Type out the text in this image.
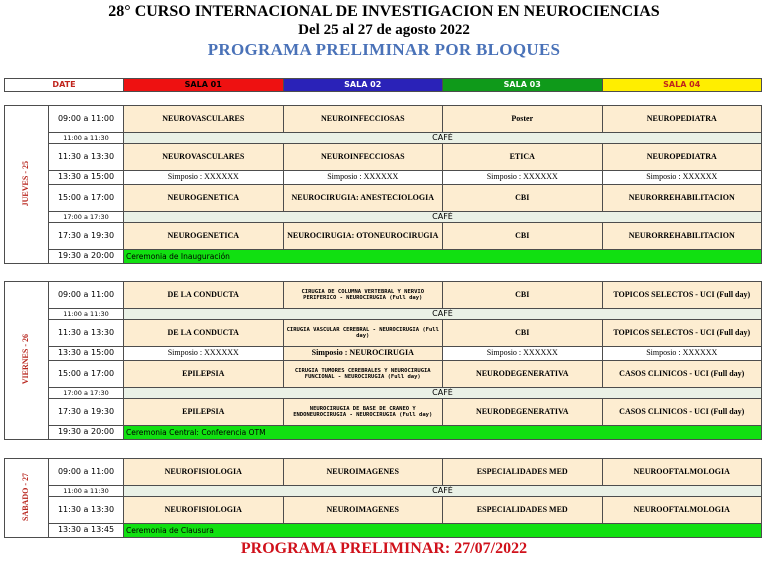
28° CURSO INTERNACIONAL DE INVESTIGACION EN NEUROCIENCIAS
Del 25 al 27 de agosto 2022
PROGRAMA PRELIMINAR POR BLOQUES
DATE	SALA 01	SALA 02	SALA 03	SALA 04
JUEVES - 25	09:00 a 11:00	NEUROVASCULARES	NEUROINFECCIOSAS	Poster	NEUROPEDIATRA
	11:00 a 11:30	CAFÉ			
	11:30 a 13:30	NEUROVASCULARES	NEUROINFECCIOSAS	ETICA	NEUROPEDIATRA
	13:30 a 15:00	Simposio : XXXXXX	Simposio : XXXXXX	Simposio : XXXXXX	Simposio : XXXXXX
	15:00 a 17:00	NEUROGENETICA	NEUROCIRUGIA: ANESTECIOLOGIA	CBI	NEURORREHABILITACION
	17:00 a 17:30	CAFÉ			
	17:30 a 19:30	NEUROGENETICA	NEUROCIRUGIA: OTONEUROCIRUGIA	CBI	NEURORREHABILITACION
	19:30 a 20:00	Ceremonia de Inauguración			
VIERNES - 26	09:00 a 11:00	DE LA CONDUCTA	CIRUGIA DE COLUMNA VERTEBRAL Y NERVIO PERIFERICO - NEUROCIRUGIA (Full day)	CBI	TOPICOS SELECTOS - UCI (Full day)
	11:00 a 11:30	CAFÉ			
	11:30 a 13:30	DE LA CONDUCTA	CIRUGIA VASCULAR CEREBRAL - NEUROCIRUGIA (Full day)	CBI	TOPICOS SELECTOS - UCI (Full day)
	13:30 a 15:00	Simposio : XXXXXX	Simposio : NEUROCIRUGIA	Simposio : XXXXXX	Simposio : XXXXXX
	15:00 a 17:00	EPILEPSIA	CIRUGIA TUMORES CEREBRALES Y NEUROCIRUGIA FUNCIONAL - NEUROCIRUGIA (Full day)	NEURODEGENERATIVA	CASOS CLINICOS - UCI (Full day)
	17:00 a 17:30	CAFÉ			
	17:30 a 19:30	EPILEPSIA	NEUROCIRUGIA DE BASE DE CRANEO Y ENDONEUROCIRUGIA - NEUROCIRUGIA (Full day)	NEURODEGENERATIVA	CASOS CLINICOS - UCI (Full day)
	19:30 a 20:00	Ceremonia Central: Conferencia OTM			
SABADO - 27	09:00 a 11:00	NEUROFISIOLOGIA	NEUROIMAGENES	ESPECIALIDADES MED	NEUROOFTALMOLOGIA
	11:00 a 11:30	CAFÉ			
	11:30 a 13:30	NEUROFISIOLOGIA	NEUROIMAGENES	ESPECIALIDADES MED	NEUROOFTALMOLOGIA
	13:30 a 13:45	Ceremonia de Clausura			
PROGRAMA PRELIMINAR: 27/07/2022
